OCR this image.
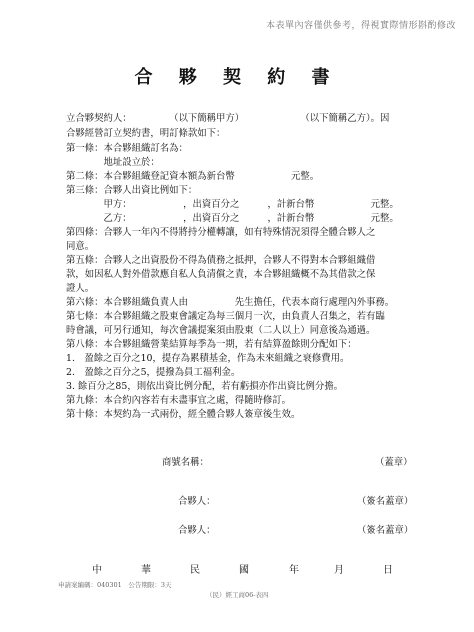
本表單內容僅供參考，得視實際情形斟酌修改
合 夥 契 約 書
立合夥契約人：　　　　　（以下簡稱甲方）　　　　　　　（以下簡稱乙方）。因
合夥經營訂立契約書，明訂條款如下：
第一條：本合夥組織訂名為：
　　　　地址設立於：
第二條：本合夥組織登記資本額為新台幣　　　　　　元整。
第三條：合夥人出資比例如下：
　　　　甲方：　　　　　　，出資百分之　　　，計新台幣　　　　　　元整。
　　　　乙方：　　　　　　，出資百分之　　　，計新台幣　　　　　　元整。
第四條：合夥人一年內不得將持分權轉讓，如有特殊情況須得全體合夥人之
同意。
第五條：合夥人之出資股份不得為債務之抵押，合夥人不得對本合夥組織借
款，如因私人對外借款應自私人負清償之責，本合夥組織概不為其借款之保
證人。
第六條：本合夥組織負責人由　　　　　先生擔任，代表本商行處理內外事務。
第七條：本合夥組織之股東會議定為每三個月一次，由負責人召集之，若有臨
時會議，可另行通知，每次會議提案須由股東（二人以上）同意後為通過。
第八條：本合夥組織營業結算每季為一期，若有結算盈餘則分配如下：
1.　盈餘之百分之10，提存為累積基金，作為未來組織之衰修費用。
2.　盈餘之百分之5，提撥為員工福利金。
3. 餘百分之85，則依出資比例分配，若有虧損亦作出資比例分擔。
第九條：本合約內容若有未盡事宜之處，得隨時修訂。
第十條：本契約為一式兩份，經全體合夥人簽章後生效。
商號名稱：	（蓋章）
合夥人：	（簽名蓋章）
合夥人：	（簽名蓋章）
中	華	民	國	年	月	日
申請案編碼：040301　公告期限：3天
（民）經工商06-表四
